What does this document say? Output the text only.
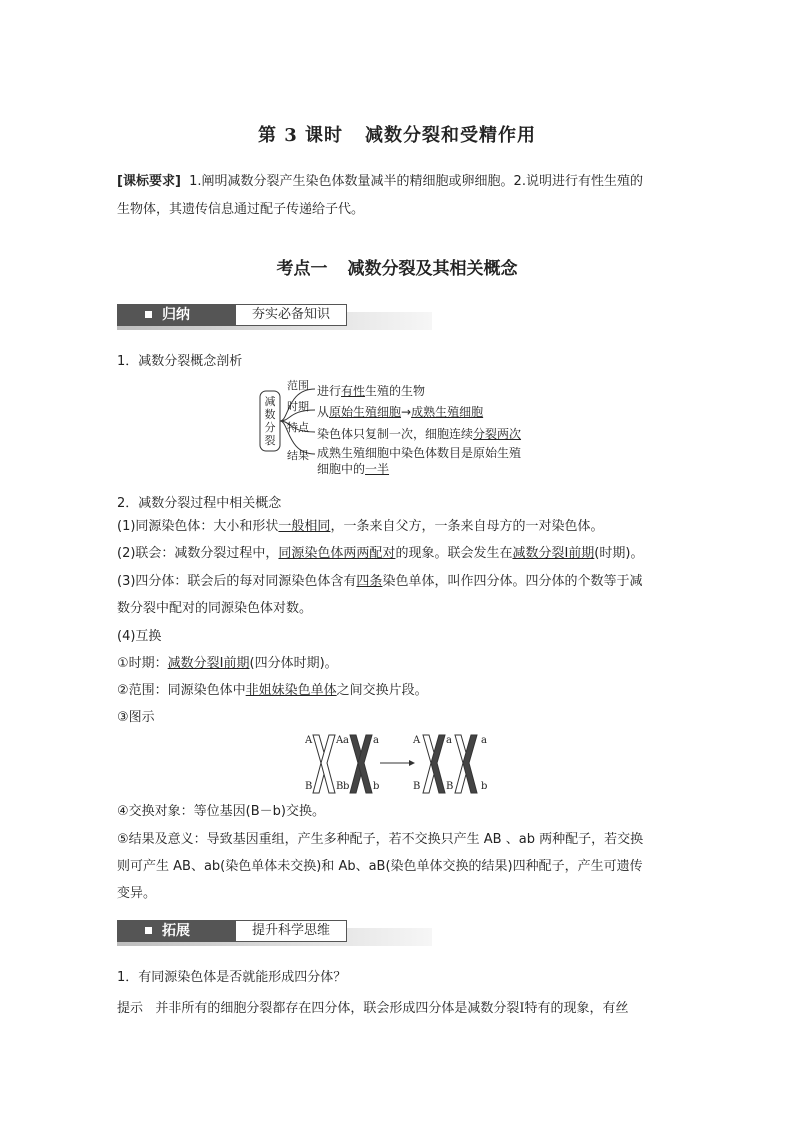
第 3 课时 减数分裂和受精作用
[课标要求] 1.阐明减数分裂产生染色体数量减半的精细胞或卵细胞。2.说明进行有性生殖的
生物体，其遗传信息通过配子传递给子代。
考点一 减数分裂及其相关概念
归纳	夯实必备知识
1．减数分裂概念剖析
减
数
分
裂
范围 进行有性生殖的生物
时期 从原始生殖细胞→成熟生殖细胞
特点 染色体只复制一次，细胞连续分裂两次
结果 成熟生殖细胞中染色体数目是原始生殖
细胞中的一半
2．减数分裂过程中相关概念
(1)同源染色体：大小和形状一般相同，一条来自父方，一条来自母方的一对染色体。
(2)联会：减数分裂过程中，同源染色体两两配对的现象。联会发生在减数分裂Ⅰ前期(时期)。
(3)四分体：联会后的每对同源染色体含有四条染色单体，叫作四分体。四分体的个数等于减
数分裂中配对的同源染色体对数。
(4)互换
①时期：减数分裂Ⅰ前期(四分体时期)。
②范围：同源染色体中非姐妹染色单体之间交换片段。
③图示
A A a a	A	a	a
B B b b	B	B	b
④交换对象：等位基因(B－b)交换。
⑤结果及意义：导致基因重组，产生多种配子，若不交换只产生 AB 、ab 两种配子，若交换
则可产生 AB、ab(染色单体未交换)和 Ab、aB(染色单体交换的结果)四种配子，产生可遗传
变异。
拓展	提升科学思维
1．有同源染色体是否就能形成四分体？
提示 并非所有的细胞分裂都存在四分体，联会形成四分体是减数分裂Ⅰ特有的现象，有丝
